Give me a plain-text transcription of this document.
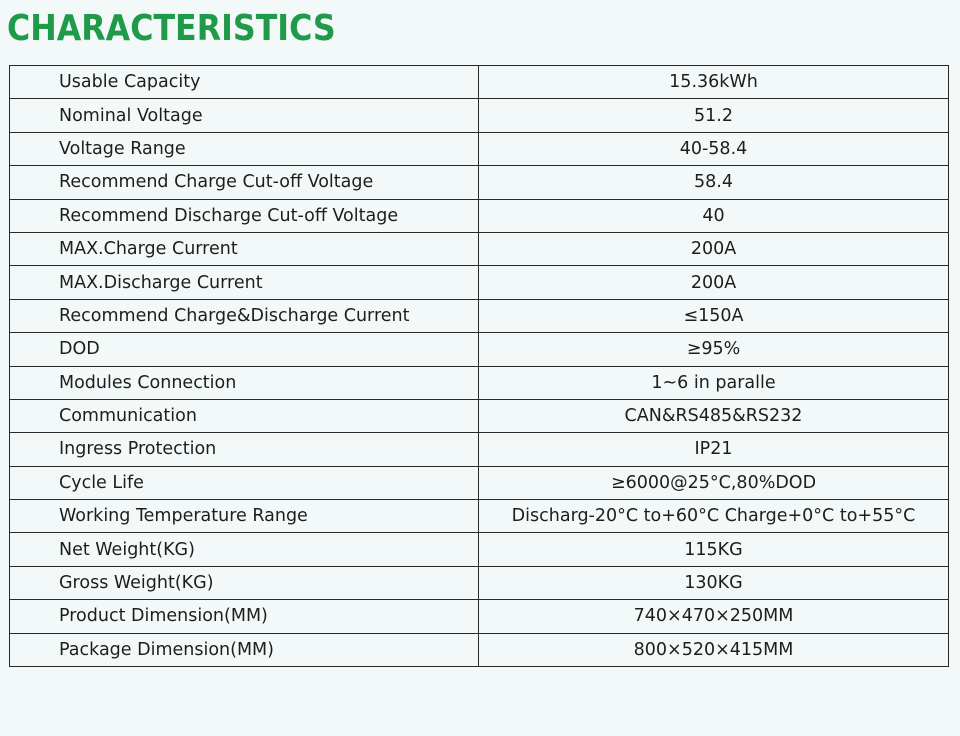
CHARACTERISTICS
Usable Capacity	15.36kWh
Nominal Voltage	51.2
Voltage Range	40-58.4
Recommend Charge Cut-off Voltage	58.4
Recommend Discharge Cut-off Voltage	40
MAX.Charge Current	200A
MAX.Discharge Current	200A
Recommend Charge&Discharge Current	≤150A
DOD	≥95%
Modules Connection	1~6 in paralle
Communication	CAN&RS485&RS232
Ingress Protection	IP21
Cycle Life	≥6000@25°C,80%DOD
Working Temperature Range	Discharg-20°C to+60°C Charge+0°C to+55°C
Net Weight(KG)	115KG
Gross Weight(KG)	130KG
Product Dimension(MM)	740×470×250MM
Package Dimension(MM)	800×520×415MM
